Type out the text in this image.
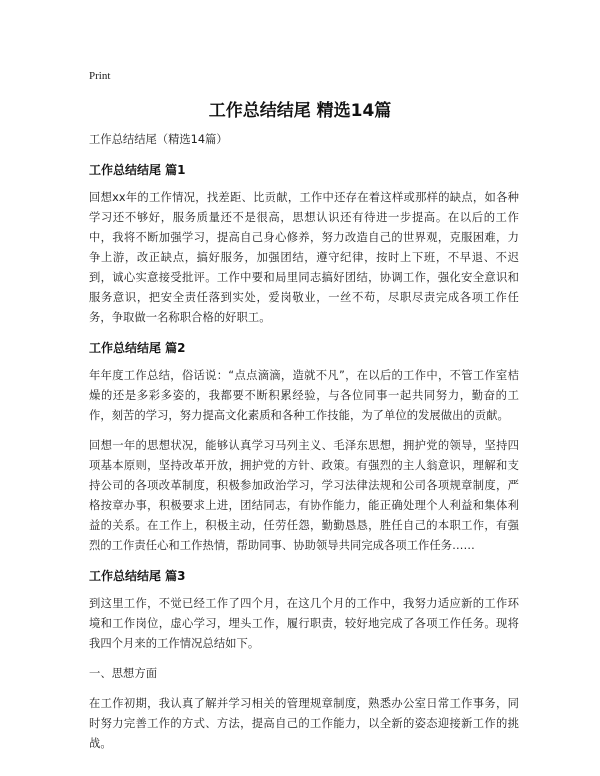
Print
工作总结结尾 精选14篇

工作总结结尾（精选14篇）

工作总结结尾 篇1

回想xx年的工作情况，找差距、比贡献，工作中还存在着这样或那样的缺点，如各种学习还不够好，服务质量还不是很高，思想认识还有待进一步提高。在以后的工作中，我将不断加强学习，提高自己身心修养，努力改造自己的世界观，克服困难，力争上游，改正缺点，搞好服务，加强团结，遵守纪律，按时上下班，不早退、不迟到，诚心实意接受批评。工作中要和局里同志搞好团结，协调工作，强化安全意识和服务意识，把安全责任落到实处，爱岗敬业，一丝不苟，尽职尽责完成各项工作任务，争取做一名称职合格的好职工。

工作总结结尾 篇2

年年度工作总结，俗话说：“点点滴滴，造就不凡”，在以后的工作中，不管工作室桔燥的还是多彩多姿的，我都要不断积累经验，与各位同事一起共同努力，勤奋的工作，刻苦的学习，努力提高文化素质和各种工作技能，为了单位的发展做出的贡献。

回想一年的思想状况，能够认真学习马列主义、毛泽东思想，拥护党的领导，坚持四项基本原则，坚持改革开放，拥护党的方针、政策。有强烈的主人翁意识，理解和支持公司的各项改革制度，积极参加政治学习，学习法律法规和公司各项规章制度，严格按章办事，积极要求上进，团结同志，有协作能力，能正确处理个人利益和集体利益的关系。在工作上，积极主动，任劳任怨，勤勤恳恳，胜任自己的本职工作，有强烈的工作责任心和工作热情，帮助同事、协助领导共同完成各项工作任务……

工作总结结尾 篇3

到这里工作，不觉已经工作了四个月，在这几个月的工作中，我努力适应新的工作环境和工作岗位，虚心学习，埋头工作，履行职责，较好地完成了各项工作任务。现将我四个月来的工作情况总结如下。

一、思想方面

在工作初期，我认真了解并学习相关的管理规章制度，熟悉办公室日常工作事务，同时努力完善工作的方式、方法，提高自己的工作能力，以全新的姿态迎接新工作的挑战。
